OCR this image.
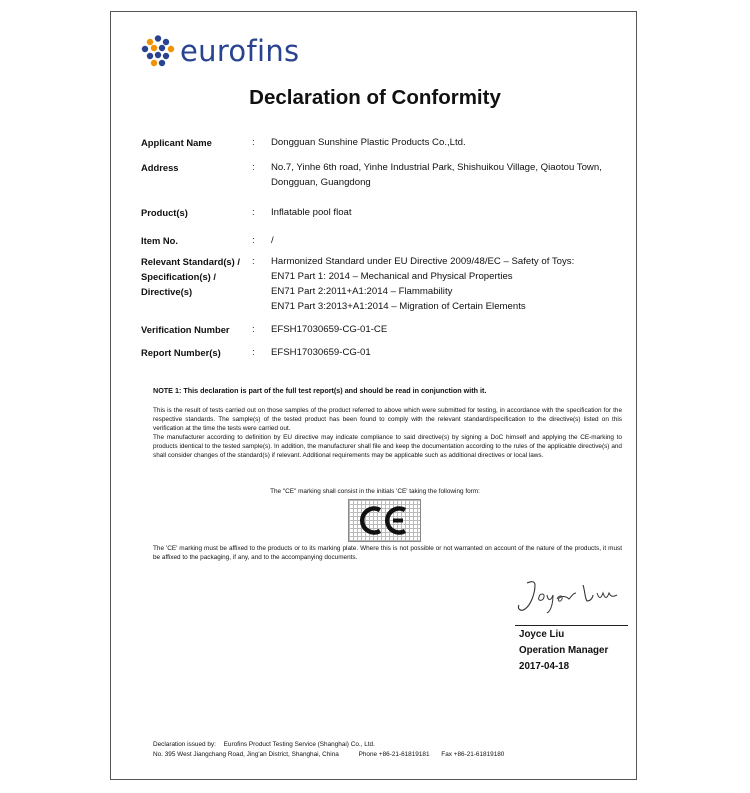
eurofins
Declaration of Conformity
Applicant Name	: Dongguan Sunshine Plastic Products Co.,Ltd.
Address	: No.7, Yinhe 6th road, Yinhe Industrial Park, Shishuikou Village, Qiaotou Town,
Dongguan, Guangdong
Product(s)	: Inflatable pool float
Item No.	: /
Relevant Standard(s) /
Specification(s) /
Directive(s)
: Harmonized Standard under EU Directive 2009/48/EC – Safety of Toys:
EN71 Part 1: 2014 – Mechanical and Physical Properties
EN71 Part 2:2011+A1:2014 – Flammability
EN71 Part 3:2013+A1:2014 – Migration of Certain Elements
Verification Number	: EFSH17030659-CG-01-CE
Report Number(s)	: EFSH17030659-CG-01
NOTE 1: This declaration is part of the full test report(s) and should be read in conjunction with it.
This is the result of tests carried out on those samples of the product referred to above which were submitted for testing, in accordance with the specification for the respective standards. The sample(s) of the tested product has been found to comply with the relevant standard/specification to the directive(s) listed on this verification at the time the tests were carried out.
The manufacturer according to definition by EU directive may indicate compliance to said directive(s) by signing a DoC himself and applying the CE-marking to products identical to the tested sample(s). In addition, the manufacturer shall file and keep the documentation according to the rules of the applicable directive(s) and shall consider changes of the standard(s) if relevant. Additional requirements may be applicable such as additional directives or local laws.
The "CE" marking shall consist in the initials 'CE' taking the following form:
The 'CE' marking must be affixed to the products or to its marking plate. Where this is not possible or not warranted on account of the nature of the products, it must be affixed to the packaging, if any, and to the accompanying documents.
Joyce Liu
Operation Manager
2017-04-18
Declaration issued by: Eurofins Product Testing Service (Shanghai) Co., Ltd.
No. 395 West Jiangchang Road, Jing'an District, Shanghai, China	Phone +86-21-61819181 Fax +86-21-61819180
